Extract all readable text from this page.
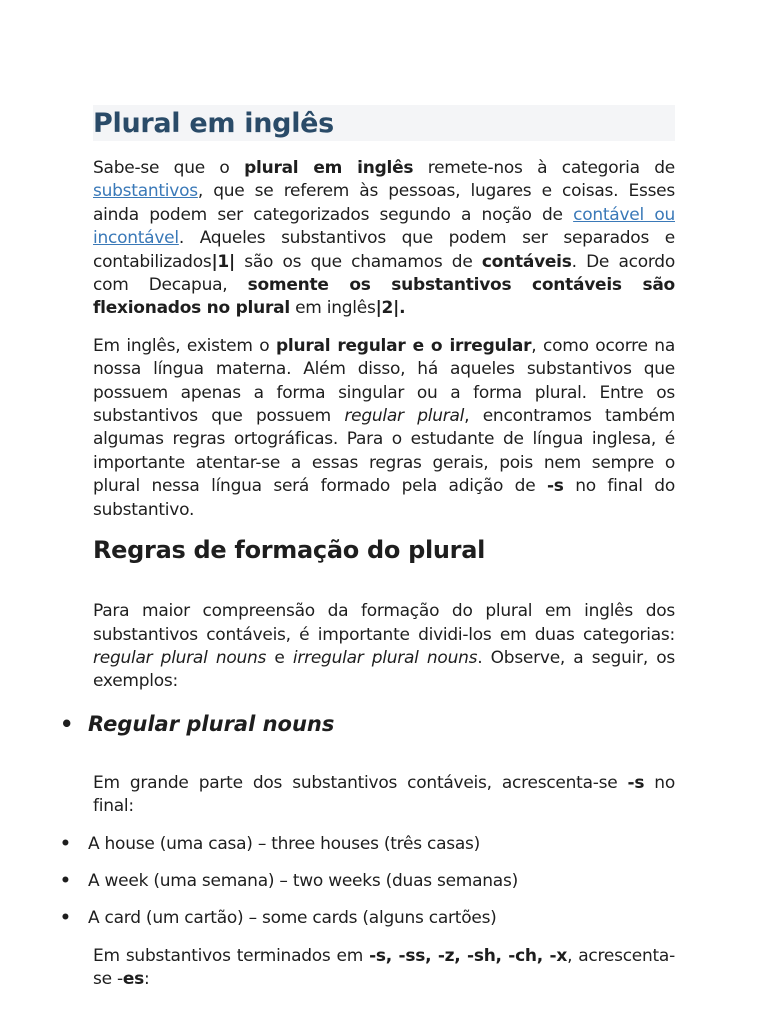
Plural em inglês

Sabe-se que o plural em inglês remete-nos à categoria de substantivos, que se referem às pessoas, lugares e coisas. Esses ainda podem ser categorizados segundo a noção de contável ou incontável. Aqueles substantivos que podem ser separados e contabilizados|1| são os que chamamos de contáveis. De acordo com Decapua, somente os substantivos contáveis são flexionados no plural em inglês|2|.

Em inglês, existem o plural regular e o irregular, como ocorre na nossa língua materna. Além disso, há aqueles substantivos que possuem apenas a forma singular ou a forma plural. Entre os substantivos que possuem regular plural, encontramos também algumas regras ortográficas. Para o estudante de língua inglesa, é importante atentar-se a essas regras gerais, pois nem sempre o plural nessa língua será formado pela adição de -s no final do substantivo.

Regras de formação do plural

Para maior compreensão da formação do plural em inglês dos substantivos contáveis, é importante dividi-los em duas categorias: regular plural nouns e irregular plural nouns. Observe, a seguir, os exemplos:

• Regular plural nouns

Em grande parte dos substantivos contáveis, acrescenta-se -s no final:

• A house (uma casa) – three houses (três casas)
• A week (uma semana) – two weeks (duas semanas)
• A card (um cartão) – some cards (alguns cartões)

Em substantivos terminados em -s, -ss, -z, -sh, -ch, -x, acrescenta-se -es:
